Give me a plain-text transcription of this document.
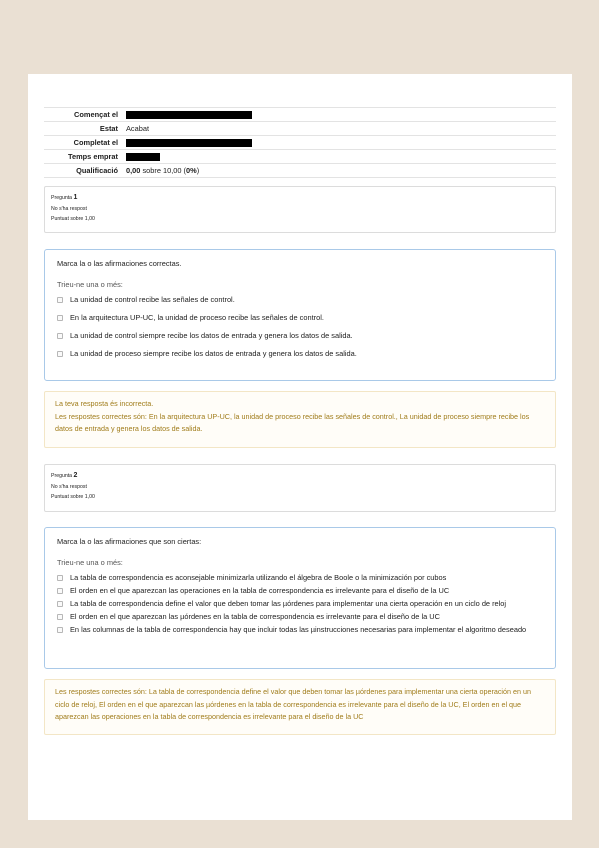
Començat el
Estat	Acabat
Completat el
Temps emprat
Qualificació	0,00 sobre 10,00 (0%)
Pregunta 1
No s'ha respost
Puntuat sobre 1,00
Marca la o las afirmaciones correctas.
Trieu-ne una o més:
La unidad de control recibe las señales de control.
En la arquitectura UP-UC, la unidad de proceso recibe las señales de control.
La unidad de control siempre recibe los datos de entrada y genera los datos de salida.
La unidad de proceso siempre recibe los datos de entrada y genera los datos de salida.
La teva resposta és incorrecta.
Les respostes correctes són: En la arquitectura UP-UC, la unidad de proceso recibe las señales de control., La unidad de proceso siempre recibe los datos de entrada y genera los datos de salida.
Pregunta 2
No s'ha respost
Puntuat sobre 1,00
Marca la o las afirmaciones que son ciertas:
Trieu-ne una o més:
La tabla de correspondencia es aconsejable minimizarla utilizando el álgebra de Boole o la minimización por cubos
El orden en el que aparezcan las operaciones en la tabla de correspondencia es irrelevante para el diseño de la UC
La tabla de correspondencia define el valor que deben tomar las µórdenes para implementar una cierta operación en un ciclo de reloj
El orden en el que aparezcan las µórdenes en la tabla de correspondencia es irrelevante para el diseño de la UC
En las columnas de la tabla de correspondencia hay que incluir todas las µinstrucciones necesarias para implementar el algoritmo deseado
Les respostes correctes són: La tabla de correspondencia define el valor que deben tomar las µórdenes para implementar una cierta operación en un ciclo de reloj, El orden en el que aparezcan las µórdenes en la tabla de correspondencia es irrelevante para el diseño de la UC, El orden en el que aparezcan las operaciones en la tabla de correspondencia es irrelevante para el diseño de la UC
